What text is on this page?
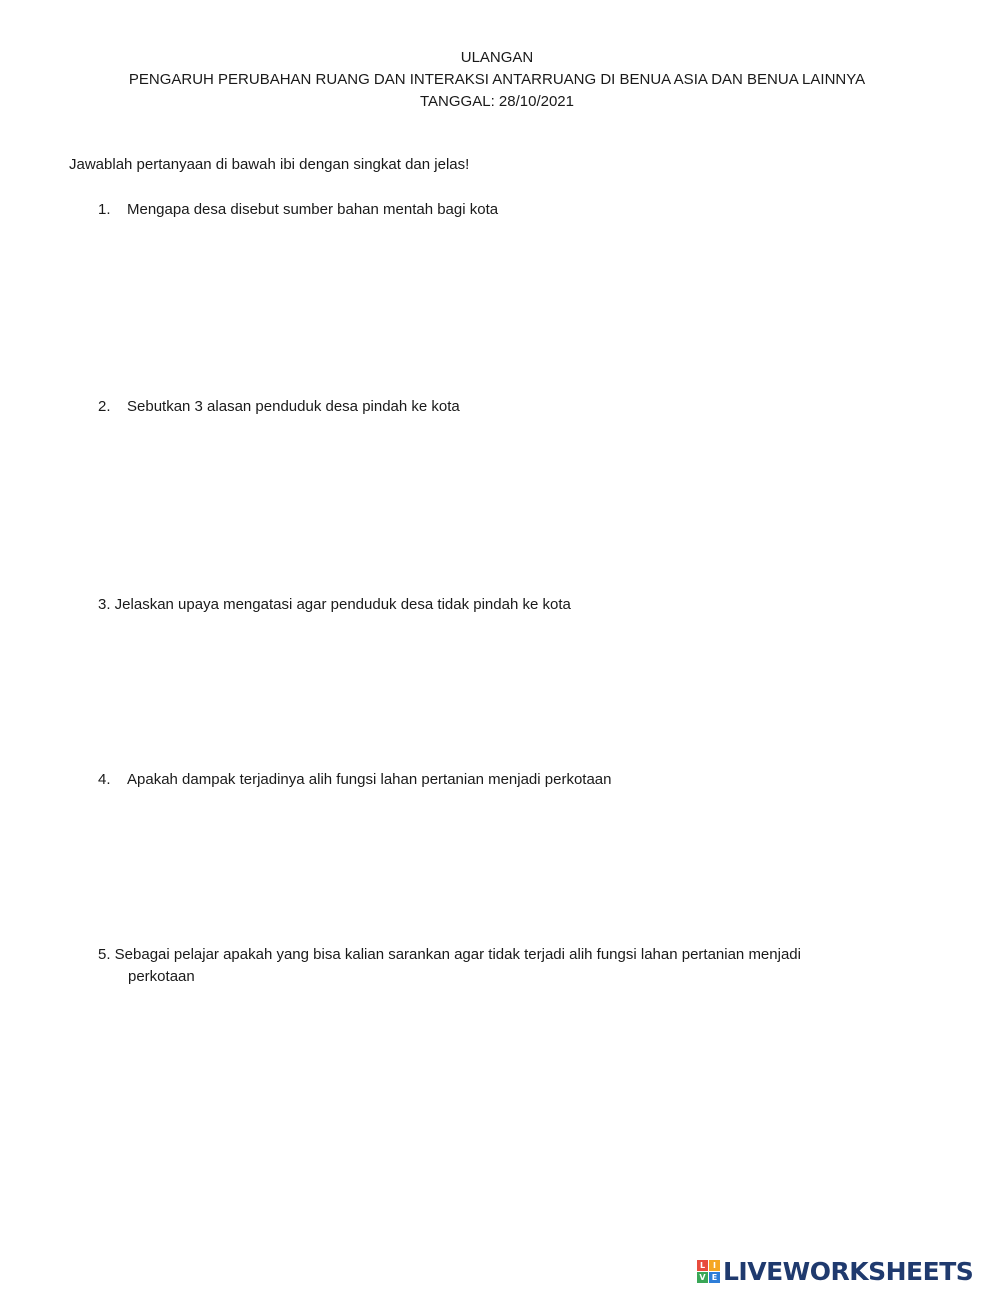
ULANGAN
PENGARUH PERUBAHAN RUANG DAN INTERAKSI ANTARRUANG DI BENUA ASIA DAN BENUA LAINNYA
TANGGAL: 28/10/2021
Jawablah pertanyaan di bawah ibi dengan singkat dan jelas!
1. Mengapa desa disebut sumber bahan mentah bagi kota
2. Sebutkan 3 alasan penduduk desa pindah ke kota
3. Jelaskan upaya mengatasi agar penduduk desa tidak pindah ke kota
4. Apakah dampak terjadinya alih fungsi lahan pertanian menjadi perkotaan
5. Sebagai pelajar apakah yang bisa kalian sarankan agar tidak terjadi alih fungsi lahan pertanian menjadi
perkotaan
L I
V E LIVEWORKSHEETS
